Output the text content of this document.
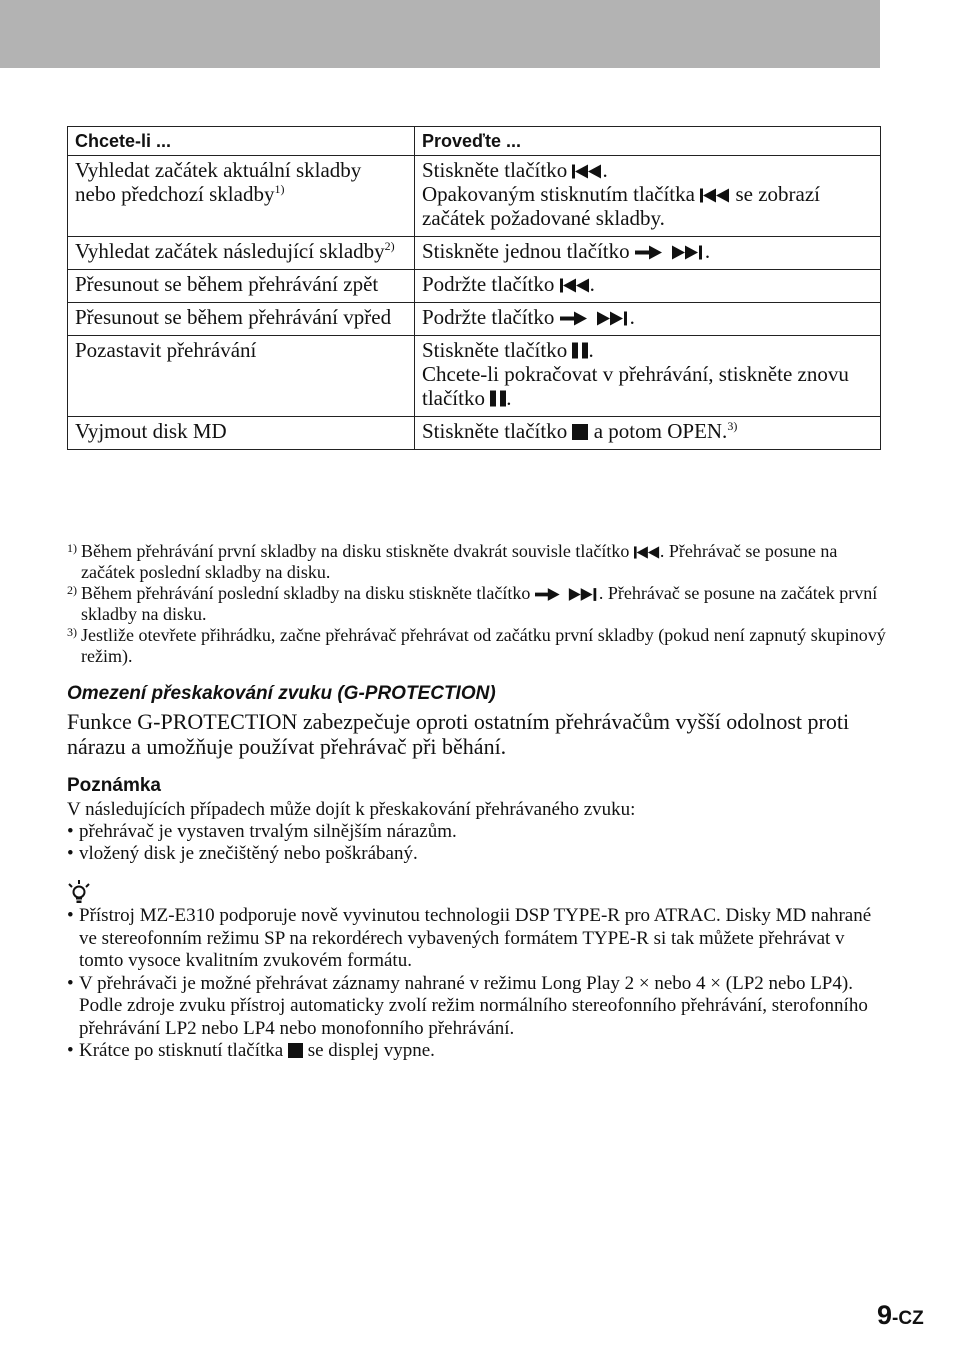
Chcete-li ...	Proveďte ...
Vyhledat začátek aktuální skladby nebo předchozí skladby$^{1)}$	Stiskněte tlačítko .
Opakovaným stisknutím tlačítka se zobrazí začátek požadované skladby.
Vyhledat začátek následující skladby$^{2)}$	Stiskněte jednou tlačítko .
Přesunout se během přehrávání zpět	Podržte tlačítko .
Přesunout se během přehrávání vpřed	Podržte tlačítko .
Pozastavit přehrávání	Stiskněte tlačítko .
Chcete-li pokračovat v přehrávání, stiskněte znovu tlačítko .
Vyjmout disk MD	Stiskněte tlačítko a potom OPEN.$^{3)}$
1) Během přehrávání první skladby na disku stiskněte dvakrát souvisle tlačítko . Přehrávač se posune na začátek poslední skladby na disku.
2) Během přehrávání poslední skladby na disku stiskněte tlačítko	. Přehrávač se posune na začátek první skladby na disku.
3) Jestliže otevřete přihrádku, začne přehrávač přehrávat od začátku první skladby (pokud není zapnutý skupinový režim).
Omezení přeskakování zvuku (G-PROTECTION)
Funkce G-PROTECTION zabezpečuje oproti ostatním přehrávačům vyšší odolnost proti nárazu a umožňuje používat přehrávač při běhání.
Poznámka
V následujících případech může dojít k přeskakování přehrávaného zvuku:
• přehrávač je vystaven trvalým silnějším nárazům.
• vložený disk je znečištěný nebo poškrábaný.
• Přístroj MZ-E310 podporuje nově vyvinutou technologii DSP TYPE-R pro ATRAC. Disky MD nahrané ve stereofonním režimu SP na rekordérech vybavených formátem TYPE-R si tak můžete přehrávat v tomto vysoce kvalitním zvukovém formátu.
• V přehrávači je možné přehrávat záznamy nahrané v režimu Long Play 2 × nebo 4 × (LP2 nebo LP4). Podle zdroje zvuku přístroj automaticky zvolí režim normálního stereofonního přehrávání, sterofonního přehrávání LP2 nebo LP4 nebo monofonního přehrávání.
• Krátce po stisknutí tlačítka se displej vypne.
9-CZ
